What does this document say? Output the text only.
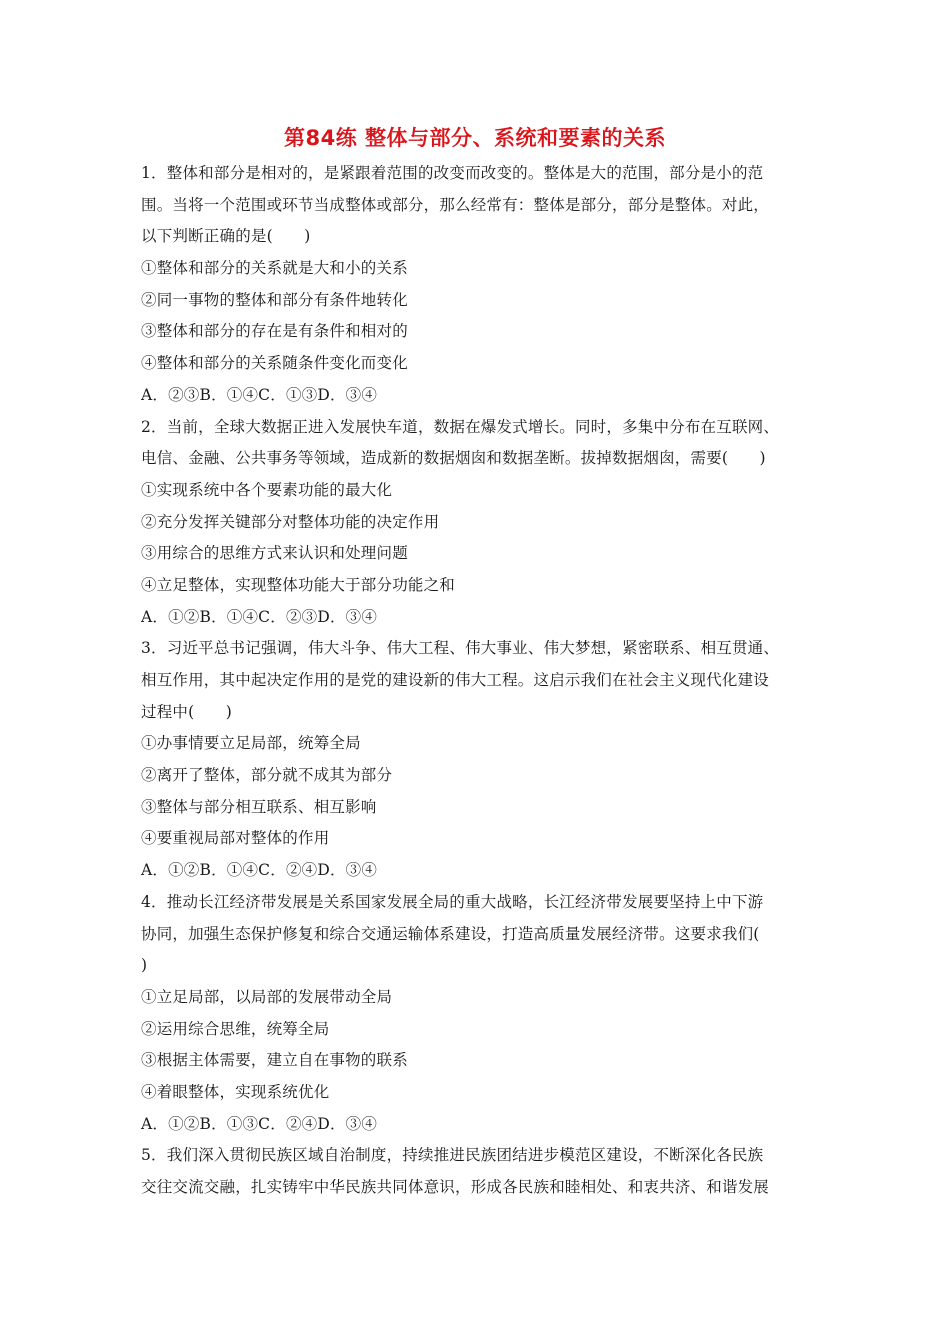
第84练 整体与部分、系统和要素的关系
1．整体和部分是相对的，是紧跟着范围的改变而改变的。整体是大的范围，部分是小的范
围。当将一个范围或环节当成整体或部分，那么经常有：整体是部分，部分是整体。对此，
以下判断正确的是(　　)
①整体和部分的关系就是大和小的关系
②同一事物的整体和部分有条件地转化
③整体和部分的存在是有条件和相对的
④整体和部分的关系随条件变化而变化
A．②③B．①④C．①③D．③④
2．当前，全球大数据正进入发展快车道，数据在爆发式增长。同时，多集中分布在互联网、
电信、金融、公共事务等领域，造成新的数据烟囱和数据垄断。拔掉数据烟囱，需要(　　)
①实现系统中各个要素功能的最大化
②充分发挥关键部分对整体功能的决定作用
③用综合的思维方式来认识和处理问题
④立足整体，实现整体功能大于部分功能之和
A．①②B．①④C．②③D．③④
3．习近平总书记强调，伟大斗争、伟大工程、伟大事业、伟大梦想，紧密联系、相互贯通、
相互作用，其中起决定作用的是党的建设新的伟大工程。这启示我们在社会主义现代化建设
过程中(　　)
①办事情要立足局部，统筹全局
②离开了整体，部分就不成其为部分
③整体与部分相互联系、相互影响
④要重视局部对整体的作用
A．①②B．①④C．②④D．③④
4．推动长江经济带发展是关系国家发展全局的重大战略，长江经济带发展要坚持上中下游
协同，加强生态保护修复和综合交通运输体系建设，打造高质量发展经济带。这要求我们(
)
①立足局部，以局部的发展带动全局
②运用综合思维，统筹全局
③根据主体需要，建立自在事物的联系
④着眼整体，实现系统优化
A．①②B．①③C．②④D．③④
5．我们深入贯彻民族区域自治制度，持续推进民族团结进步模范区建设，不断深化各民族
交往交流交融，扎实铸牢中华民族共同体意识，形成各民族和睦相处、和衷共济、和谐发展
